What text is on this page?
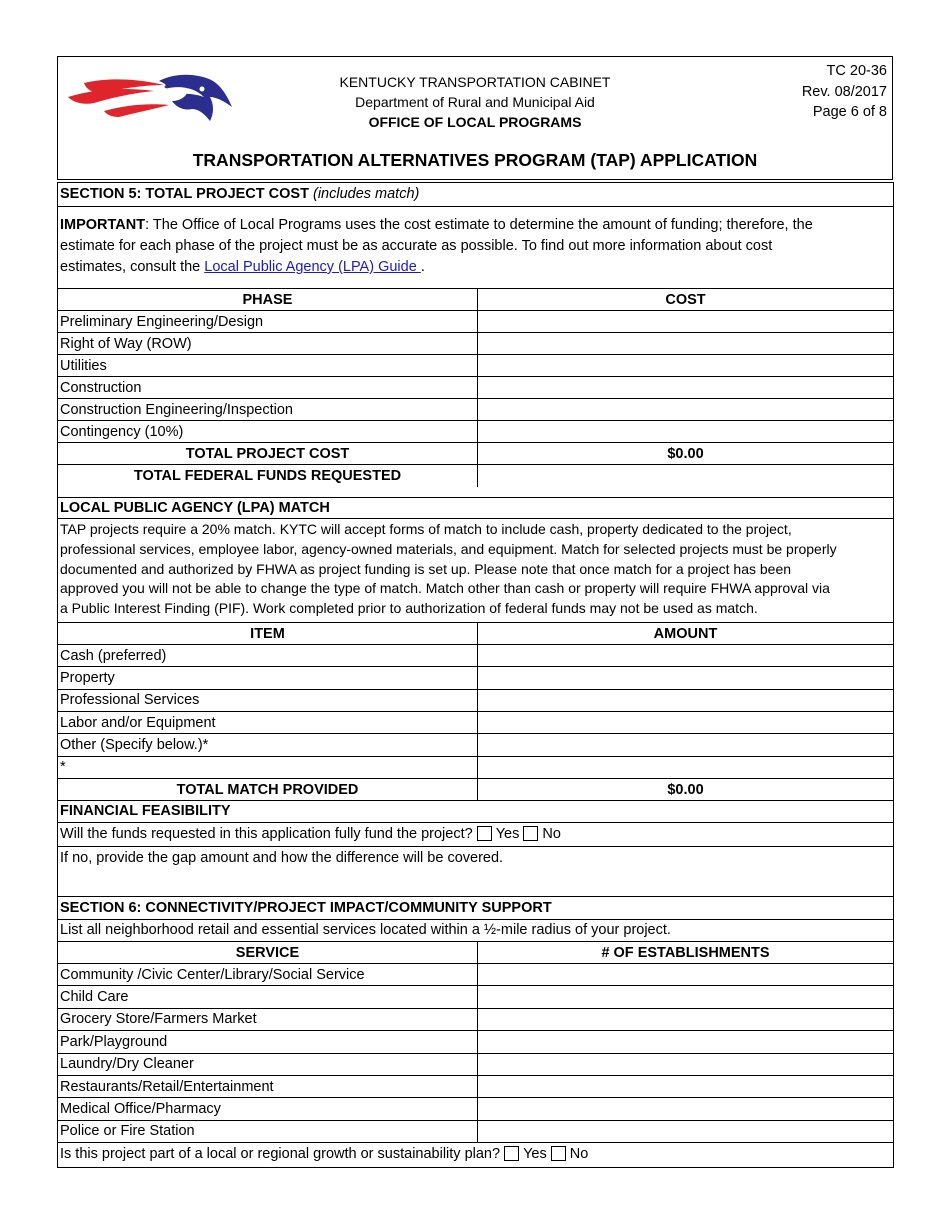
KENTUCKY TRANSPORTATION CABINET
Department of Rural and Municipal Aid
OFFICE OF LOCAL PROGRAMS
TC 20-36
Rev. 08/2017
Page 6 of 8
TRANSPORTATION ALTERNATIVES PROGRAM (TAP) APPLICATION
SECTION 5: TOTAL PROJECT COST (includes match)
IMPORTANT: The Office of Local Programs uses the cost estimate to determine the amount of funding; therefore, the
estimate for each phase of the project must be as accurate as possible. To find out more information about cost
estimates, consult the Local Public Agency (LPA) Guide .
PHASE	COST
Preliminary Engineering/Design
Right of Way (ROW)
Utilities
Construction
Construction Engineering/Inspection
Contingency (10%)
TOTAL PROJECT COST	$0.00
TOTAL FEDERAL FUNDS REQUESTED
LOCAL PUBLIC AGENCY (LPA) MATCH
TAP projects require a 20% match. KYTC will accept forms of match to include cash, property dedicated to the project,
professional services, employee labor, agency-owned materials, and equipment. Match for selected projects must be properly
documented and authorized by FHWA as project funding is set up. Please note that once match for a project has been
approved you will not be able to change the type of match. Match other than cash or property will require FHWA approval via
a Public Interest Finding (PIF). Work completed prior to authorization of federal funds may not be used as match.
ITEM	AMOUNT
Cash (preferred)
Property
Professional Services
Labor and/or Equipment
Other (Specify below.)*
*
TOTAL MATCH PROVIDED	$0.00
FINANCIAL FEASIBILITY
Will the funds requested in this application fully fund the project? Yes No
If no, provide the gap amount and how the difference will be covered.
SECTION 6: CONNECTIVITY/PROJECT IMPACT/COMMUNITY SUPPORT
List all neighborhood retail and essential services located within a ½-mile radius of your project.
SERVICE	# OF ESTABLISHMENTS
Community /Civic Center/Library/Social Service
Child Care
Grocery Store/Farmers Market
Park/Playground
Laundry/Dry Cleaner
Restaurants/Retail/Entertainment
Medical Office/Pharmacy
Police or Fire Station
Is this project part of a local or regional growth or sustainability plan? Yes No
